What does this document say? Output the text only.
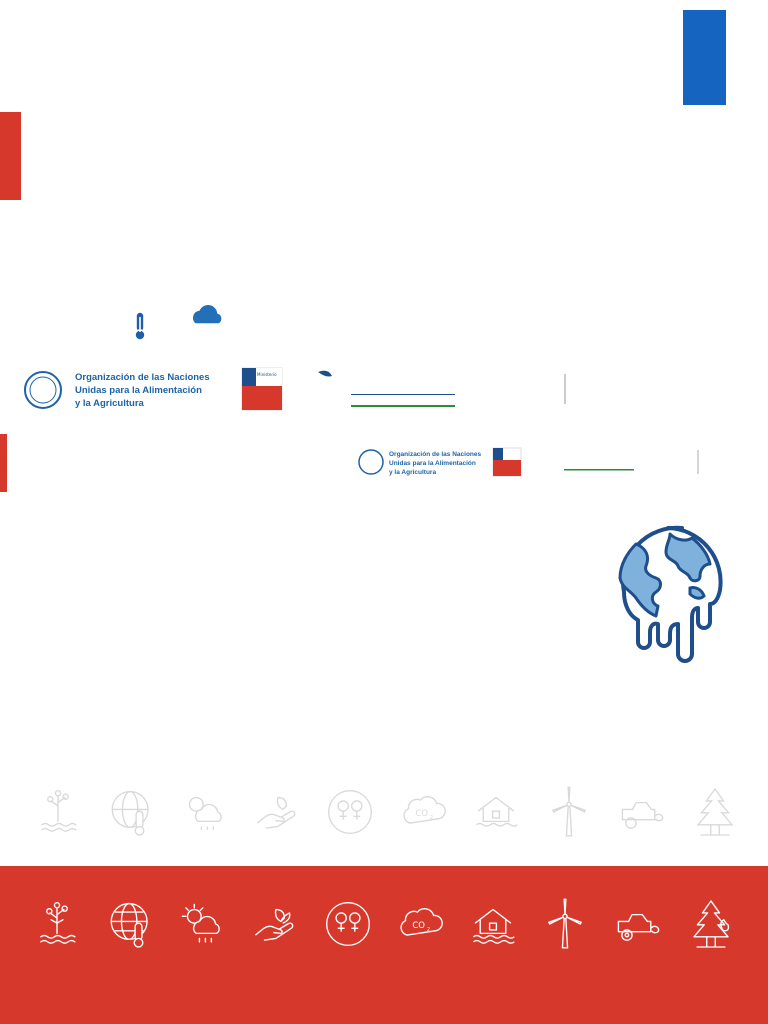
CO 2
Organización de las Naciones
Unidas para la Alimentación
y la Agricultura
Ministerio
Organización de las Naciones
Unidas para la Alimentación
y la Agricultura
CO 2
CO 2
